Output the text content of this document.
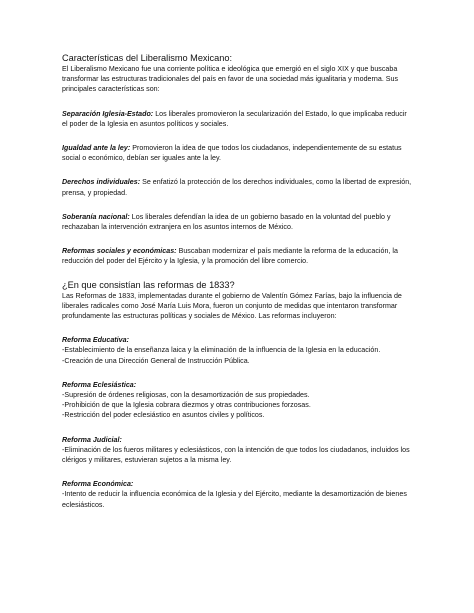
Características del Liberalismo Mexicano:

El Liberalismo Mexicano fue una corriente política e ideológica que emergió en el siglo XIX y que buscaba transformar las estructuras tradicionales del país en favor de una sociedad más igualitaria y moderna. Sus principales características son:

Separación Iglesia-Estado: Los liberales promovieron la secularización del Estado, lo que implicaba reducir el poder de la Iglesia en asuntos políticos y sociales.

Igualdad ante la ley: Promovieron la idea de que todos los ciudadanos, independientemente de su estatus social o económico, debían ser iguales ante la ley.

Derechos individuales: Se enfatizó la protección de los derechos individuales, como la libertad de expresión, prensa, y propiedad.

Soberanía nacional: Los liberales defendían la idea de un gobierno basado en la voluntad del pueblo y rechazaban la intervención extranjera en los asuntos internos de México.

Reformas sociales y económicas: Buscaban modernizar el país mediante la reforma de la educación, la reducción del poder del Ejército y la Iglesia, y la promoción del libre comercio.

¿En que consistían las reformas de 1833?

Las Reformas de 1833, implementadas durante el gobierno de Valentín Gómez Farías, bajo la influencia de liberales radicales como José María Luis Mora, fueron un conjunto de medidas que intentaron transformar profundamente las estructuras políticas y sociales de México. Las reformas incluyeron:

Reforma Educativa:

-Establecimiento de la enseñanza laica y la eliminación de la influencia de la Iglesia en la educación.

-Creación de una Dirección General de Instrucción Pública.

Reforma Eclesiástica:

-Supresión de órdenes religiosas, con la desamortización de sus propiedades.

-Prohibición de que la Iglesia cobrara diezmos y otras contribuciones forzosas.

-Restricción del poder eclesiástico en asuntos civiles y políticos.

Reforma Judicial:

-Eliminación de los fueros militares y eclesiásticos, con la intención de que todos los ciudadanos, incluidos los clérigos y militares, estuvieran sujetos a la misma ley.

Reforma Económica:

-Intento de reducir la influencia económica de la Iglesia y del Ejército, mediante la desamortización de bienes eclesiásticos.
